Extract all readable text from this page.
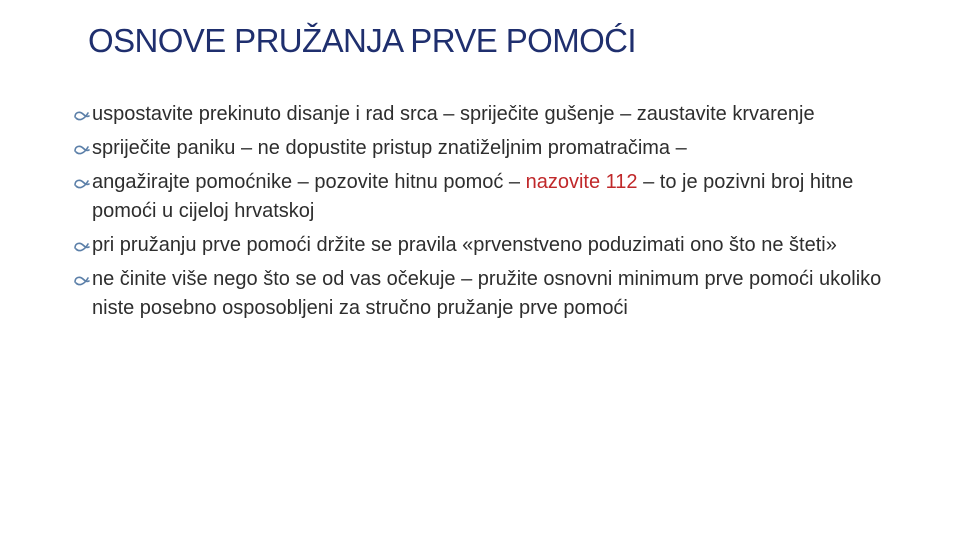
OSNOVE PRUŽANJA PRVE POMOĆI
uspostavite prekinuto disanje i rad srca – spriječite gušenje – zaustavite krvarenje
spriječite paniku – ne dopustite pristup znatiželjnim promatračima –
angažirajte pomoćnike – pozovite hitnu pomoć – nazovite 112 – to je pozivni broj hitne pomoći u cijeloj hrvatskoj
pri pružanju prve pomoći držite se pravila «prvenstveno poduzimati ono što ne šteti»
ne činite više nego što se od vas očekuje – pružite osnovni minimum prve pomoći ukoliko niste posebno osposobljeni za stručno pružanje prve pomoći
